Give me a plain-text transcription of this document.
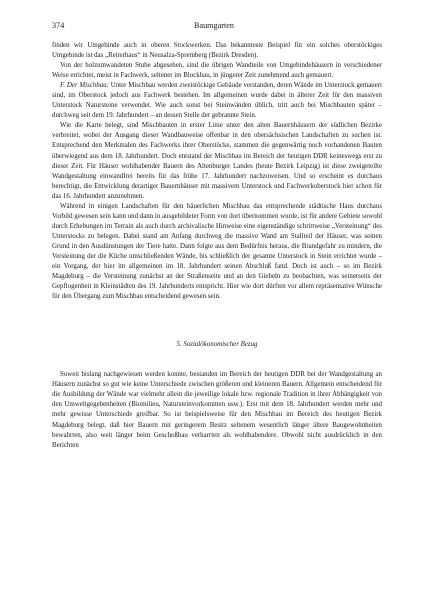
374	Baumgarten

finden wir Umgebinde auch in oberen Stockwerken. Das bekannteste Beispiel für ein solches oberstöckiges Umgebinde ist das „Reiterhaus“ in Neusalza-Spremberg (Bezirk Dresden).

Von der holzumwandeten Stube abgesehen, sind die übrigen Wandteile von Umgebindehäusern in verschiedener Weise errichtet, meist in Fachwerk, seltener im Blockbau, in jüngerer Zeit zunehmend auch gemauert.

F. Der Mischbau: Unter Mischbau werden zweistöckige Gebäude verstanden, deren Wände im Unterstock gemauert sind, im Oberstock jedoch aus Fachwerk bestehen. Im allgemeinen wurde dabei in älterer Zeit für den massiven Unterstock Natursteine verwendet. Wie auch sonst bei Steinwänden üblich, tritt auch bei Mischbauten später – durchweg seit dem 19. Jahrhundert – an dessen Stelle der gebrannte Stein.

Wie die Karte belegt, sind Mischbauten in erster Linie unter den alten Bauernhäusern der südlichen Bezirke verbreitet, wobei der Ausgang dieser Wandbauweise offenbar in den obersächsischen Landschaften zu suchen ist. Entsprechend den Merkmalen des Fachwerks ihrer Oberstöcke, stammen die gegenwärtig noch vorhandenen Bauten überwiegend aus dem 18. Jahrhundert. Doch entstand der Mischbau im Bereich der heutigen DDR keineswegs erst zu dieser Zeit. Für Häuser wohlhabender Bauern des Altenburger Landes (heute Bezirk Leipzig) ist diese zweigeteilte Wandgestaltung einwandfrei bereits für das frühe 17. Jahrhundert nachzuweisen. Und so erscheint es durchaus berechtigt, die Entwicklung derartiger Bauernhäuser mit massivem Unterstock und Fachwerkoberstock hier schon für das 16. Jahrhundert anzunehmen.

Während in einigen Landschaften für den bäuerlichen Mischbau das entsprechende städtische Haus durchaus Vorbild gewesen sein kann und dann in ausgebildeter Form von dort übernommen wurde, ist für andere Gebiete sowohl durch Erhebungen im Terrain als auch durch archivalische Hinweise eine eigenständige schrittweise „Versteinung“ des Unterstocks zu belegen. Dabei stand am Anfang durchweg die massive Wand am Stallteil der Häuser, was seinen Grund in den Ausdünstungen der Tiere hatte. Dann folgte aus dem Bedürfnis heraus, die Brandgefahr zu mindern, die Versteinung der die Küche umschließenden Wände, bis schließlich der gesamte Unterstock in Stein errichtet wurde – ein Vorgang, der hier im allgemeinen im 18. Jahrhundert seinen Abschluß fand. Doch ist auch – so im Bezirk Magdeburg – die Versteinung zunächst an der Straßenseite und an den Giebeln zu beobachten, was seinerseits der Gepflogenheit in Kleinstädten des 19. Jahrhunderts entspricht. Hier wie dort dürften vor allem repräsentative Wünsche für den Übergang zum Mischbau entscheidend gewesen sein.

5. Sozialökonomischer Bezug

Soweit bislang nachgewiesen werden konnte, bestanden im Bereich der heutigen DDR bei der Wandgestaltung an Häusern zunächst so gut wie keine Unterschiede zwischen größeren und kleineren Bauern. Allgemein entscheidend für die Ausbildung der Wände war vielmehr allein die jeweilige lokale bzw. regionale Tradition in ihrer Abhängigkeit von den Umweltgegebenheiten (Biomilieu, Natursteinvorkommen usw.). Erst mit dem 18. Jahrhundert werden mehr und mehr gewisse Unterschiede greifbar. So ist beispielsweise für den Mischbau im Bereich des heutigen Bezirk Magdeburg belegt, daß hier Bauern mit geringerem Besitz seltenem wesentlich länger ältere Baugewohnheiten bewahrten, also weit länger beim Geschoßbau verharrten als wohlhabendere. Obwohl nicht ausdrücklich in den Berichten
